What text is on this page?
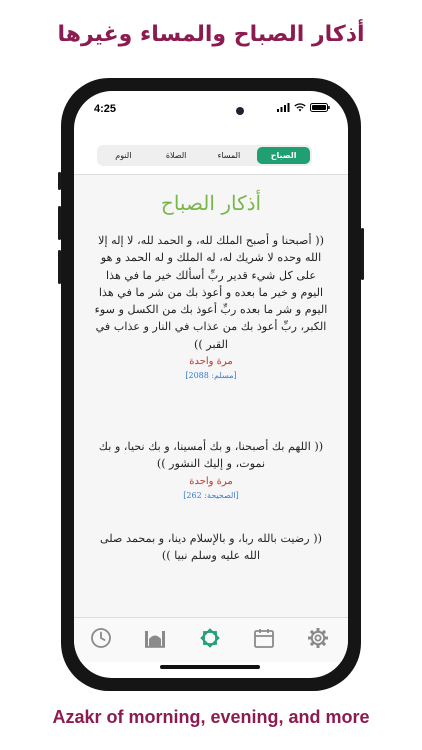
أذكار الصباح والمساء وغيرها
4:25
النوم	الصلاة	المساء	الصباح
أذكار الصباح
(( أصبحنا و أصبح الملك لله، و الحمد لله، لا إله إلا الله وحده لا شريك له، له الملك و له الحمد و هو على كل شيء قدير ربِّ أسألك خير ما في هذا اليوم و خير ما بعده و أعوذ بك من شر ما في هذا اليوم و شر ما بعده ربِّ أعوذ بك من الكسل و سوء الكبر، ربِّ أعوذ بك من عذاب في النار و عذاب في القبر ))
مرة واحدة
[مسلم: 2088]
(( اللهم بك أصبحنا، و بك أمسينا، و بك نحيا، و بك نموت، و إليك النشور ))
مرة واحدة
[الصحيحة: 262]
(( رضيت بالله ربا، و بالإسلام دينا، و بمحمد صلى الله عليه وسلم نبيا ))
Azakr of morning, evening, and more
